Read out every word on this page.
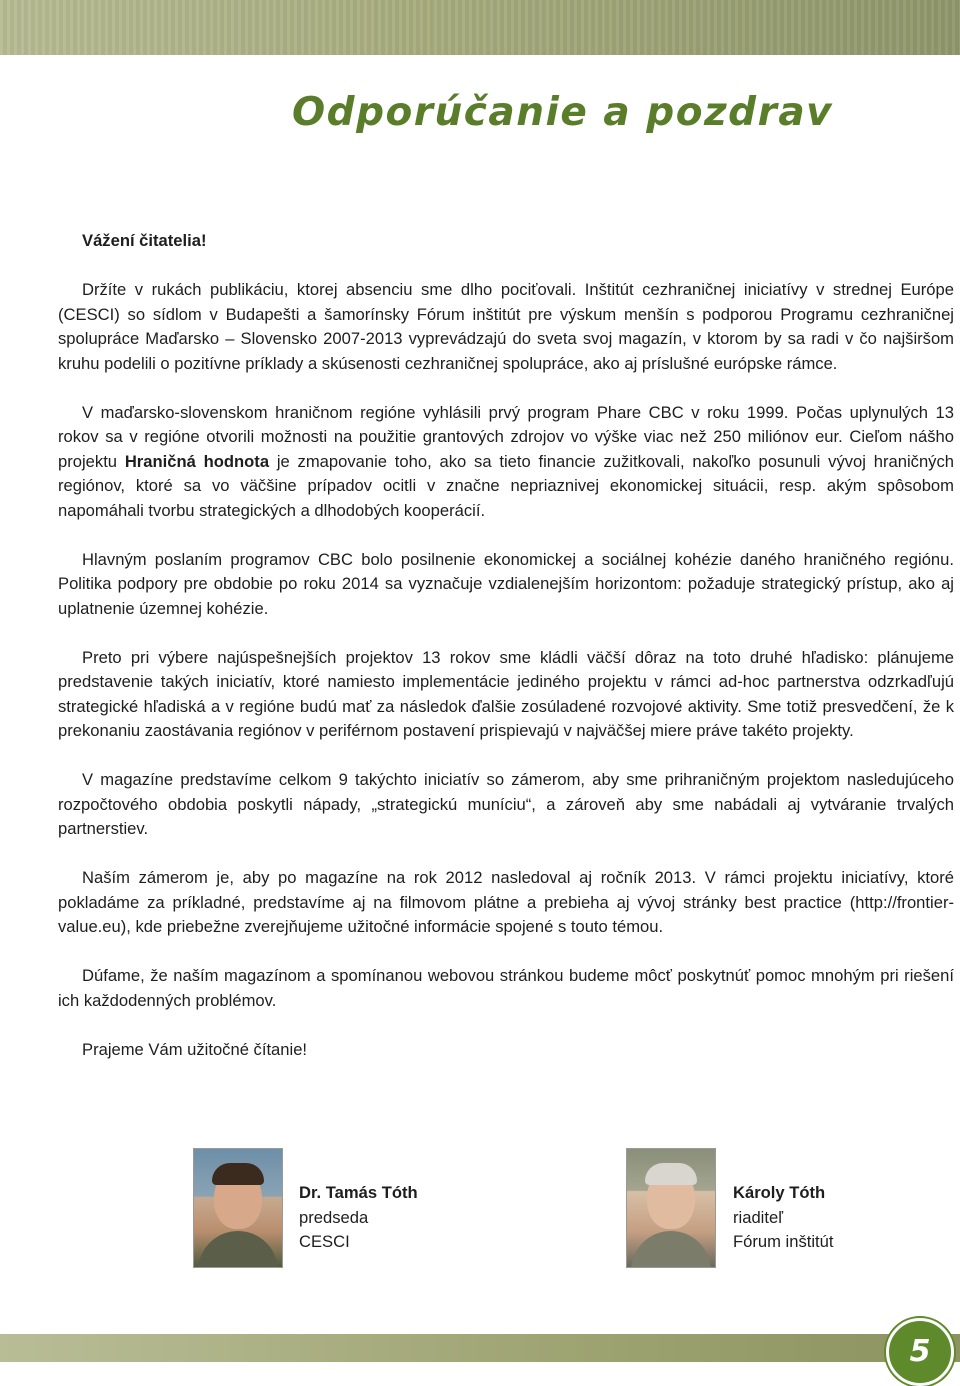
Odporúčanie a pozdrav

Vážení čitatelia!

Držíte v rukách publikáciu, ktorej absenciu sme dlho pociťovali. Inštitút cezhraničnej iniciatívy v strednej Európe (CESCI) so sídlom v Budapešti a šamorínsky Fórum inštitút pre výskum menšín s podporou Programu cezhraničnej spolupráce Maďarsko – Slovensko 2007-2013 vyprevádzajú do sveta svoj magazín, v ktorom by sa radi v čo najširšom kruhu podelili o pozitívne príklady a skúsenosti cezhraničnej spolupráce, ako aj príslušné európske rámce.

V maďarsko-slovenskom hraničnom regióne vyhlásili prvý program Phare CBC v roku 1999. Počas uplynulých 13 rokov sa v regióne otvorili možnosti na použitie grantových zdrojov vo výške viac než 250 miliónov eur. Cieľom nášho projektu Hraničná hodnota je zmapovanie toho, ako sa tieto financie zužitkovali, nakoľko posunuli vývoj hraničných regiónov, ktoré sa vo väčšine prípadov ocitli v značne nepriaznivej ekonomickej situácii, resp. akým spôsobom napomáhali tvorbu strategických a dlhodobých kooperácií.

Hlavným poslaním programov CBC bolo posilnenie ekonomickej a sociálnej kohézie daného hraničného regiónu. Politika podpory pre obdobie po roku 2014 sa vyznačuje vzdialenejším horizontom: požaduje strategický prístup, ako aj uplatnenie územnej kohézie.

Preto pri výbere najúspešnejších projektov 13 rokov sme kládli väčší dôraz na toto druhé hľadisko: plánujeme predstavenie takých iniciatív, ktoré namiesto implementácie jediného projektu v rámci ad-hoc partnerstva odzrkadľujú strategické hľadiská a v regióne budú mať za následok ďalšie zosúladené rozvojové aktivity. Sme totiž presvedčení, že k prekonaniu zaostávania regiónov v periférnom postavení prispievajú v najväčšej miere práve takéto projekty.

V magazíne predstavíme celkom 9 takýchto iniciatív so zámerom, aby sme prihraničným projektom nasledujúceho rozpočtového obdobia poskytli nápady, „strategickú muníciu“, a zároveň aby sme nabádali aj vytváranie trvalých partnerstiev.

Naším zámerom je, aby po magazíne na rok 2012 nasledoval aj ročník 2013. V rámci projektu iniciatívy, ktoré pokladáme za príkladné, predstavíme aj na filmovom plátne a prebieha aj vývoj stránky best practice (http://frontier-value.eu), kde priebežne zverejňujeme užitočné informácie spojené s touto témou.

Dúfame, že naším magazínom a spomínanou webovou stránkou budeme môcť poskytnúť pomoc mnohým pri riešení ich každodenných problémov.

Prajeme Vám užitočné čítanie!

Dr. Tamás Tóth
predseda
CESCI
Károly Tóth
riaditeľ
Fórum inštitút
5
